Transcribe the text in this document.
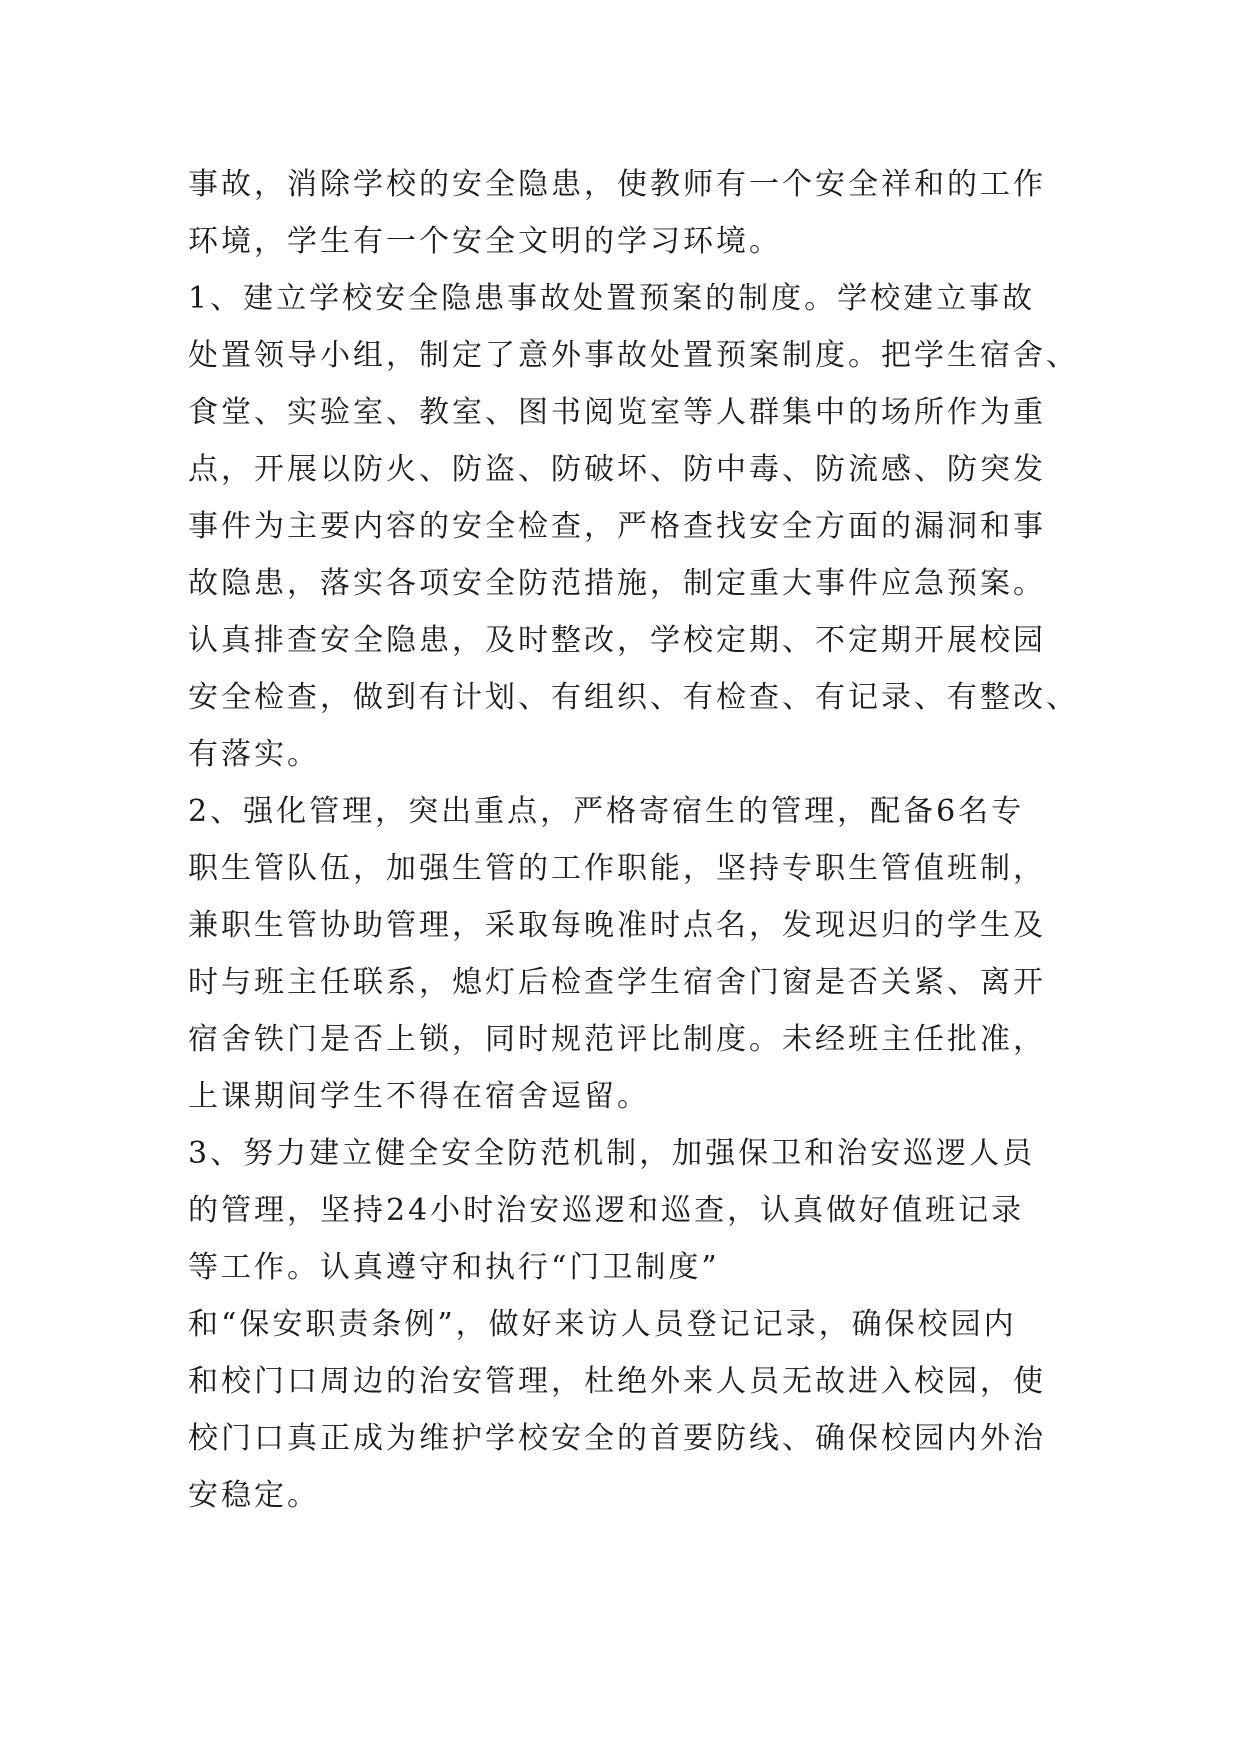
事故，消除学校的安全隐患，使教师有一个安全祥和的工作
环境，学生有一个安全文明的学习环境。
1、建立学校安全隐患事故处置预案的制度。学校建立事故
处置领导小组，制定了意外事故处置预案制度。把学生宿舍、
食堂、实验室、教室、图书阅览室等人群集中的场所作为重
点，开展以防火、防盗、防破坏、防中毒、防流感、防突发
事件为主要内容的安全检查，严格查找安全方面的漏洞和事
故隐患，落实各项安全防范措施，制定重大事件应急预案。
认真排查安全隐患，及时整改，学校定期、不定期开展校园
安全检查，做到有计划、有组织、有检查、有记录、有整改、
有落实。
2、强化管理，突出重点，严格寄宿生的管理，配备6名专
职生管队伍，加强生管的工作职能，坚持专职生管值班制，
兼职生管协助管理，采取每晚准时点名，发现迟归的学生及
时与班主任联系，熄灯后检查学生宿舍门窗是否关紧、离开
宿舍铁门是否上锁，同时规范评比制度。未经班主任批准，
上课期间学生不得在宿舍逗留。
3、努力建立健全安全防范机制，加强保卫和治安巡逻人员
的管理，坚持24小时治安巡逻和巡查，认真做好值班记录
等工作。认真遵守和执行“门卫制度”
和“保安职责条例”，做好来访人员登记记录，确保校园内
和校门口周边的治安管理，杜绝外来人员无故进入校园，使
校门口真正成为维护学校安全的首要防线、确保校园内外治
安稳定。
